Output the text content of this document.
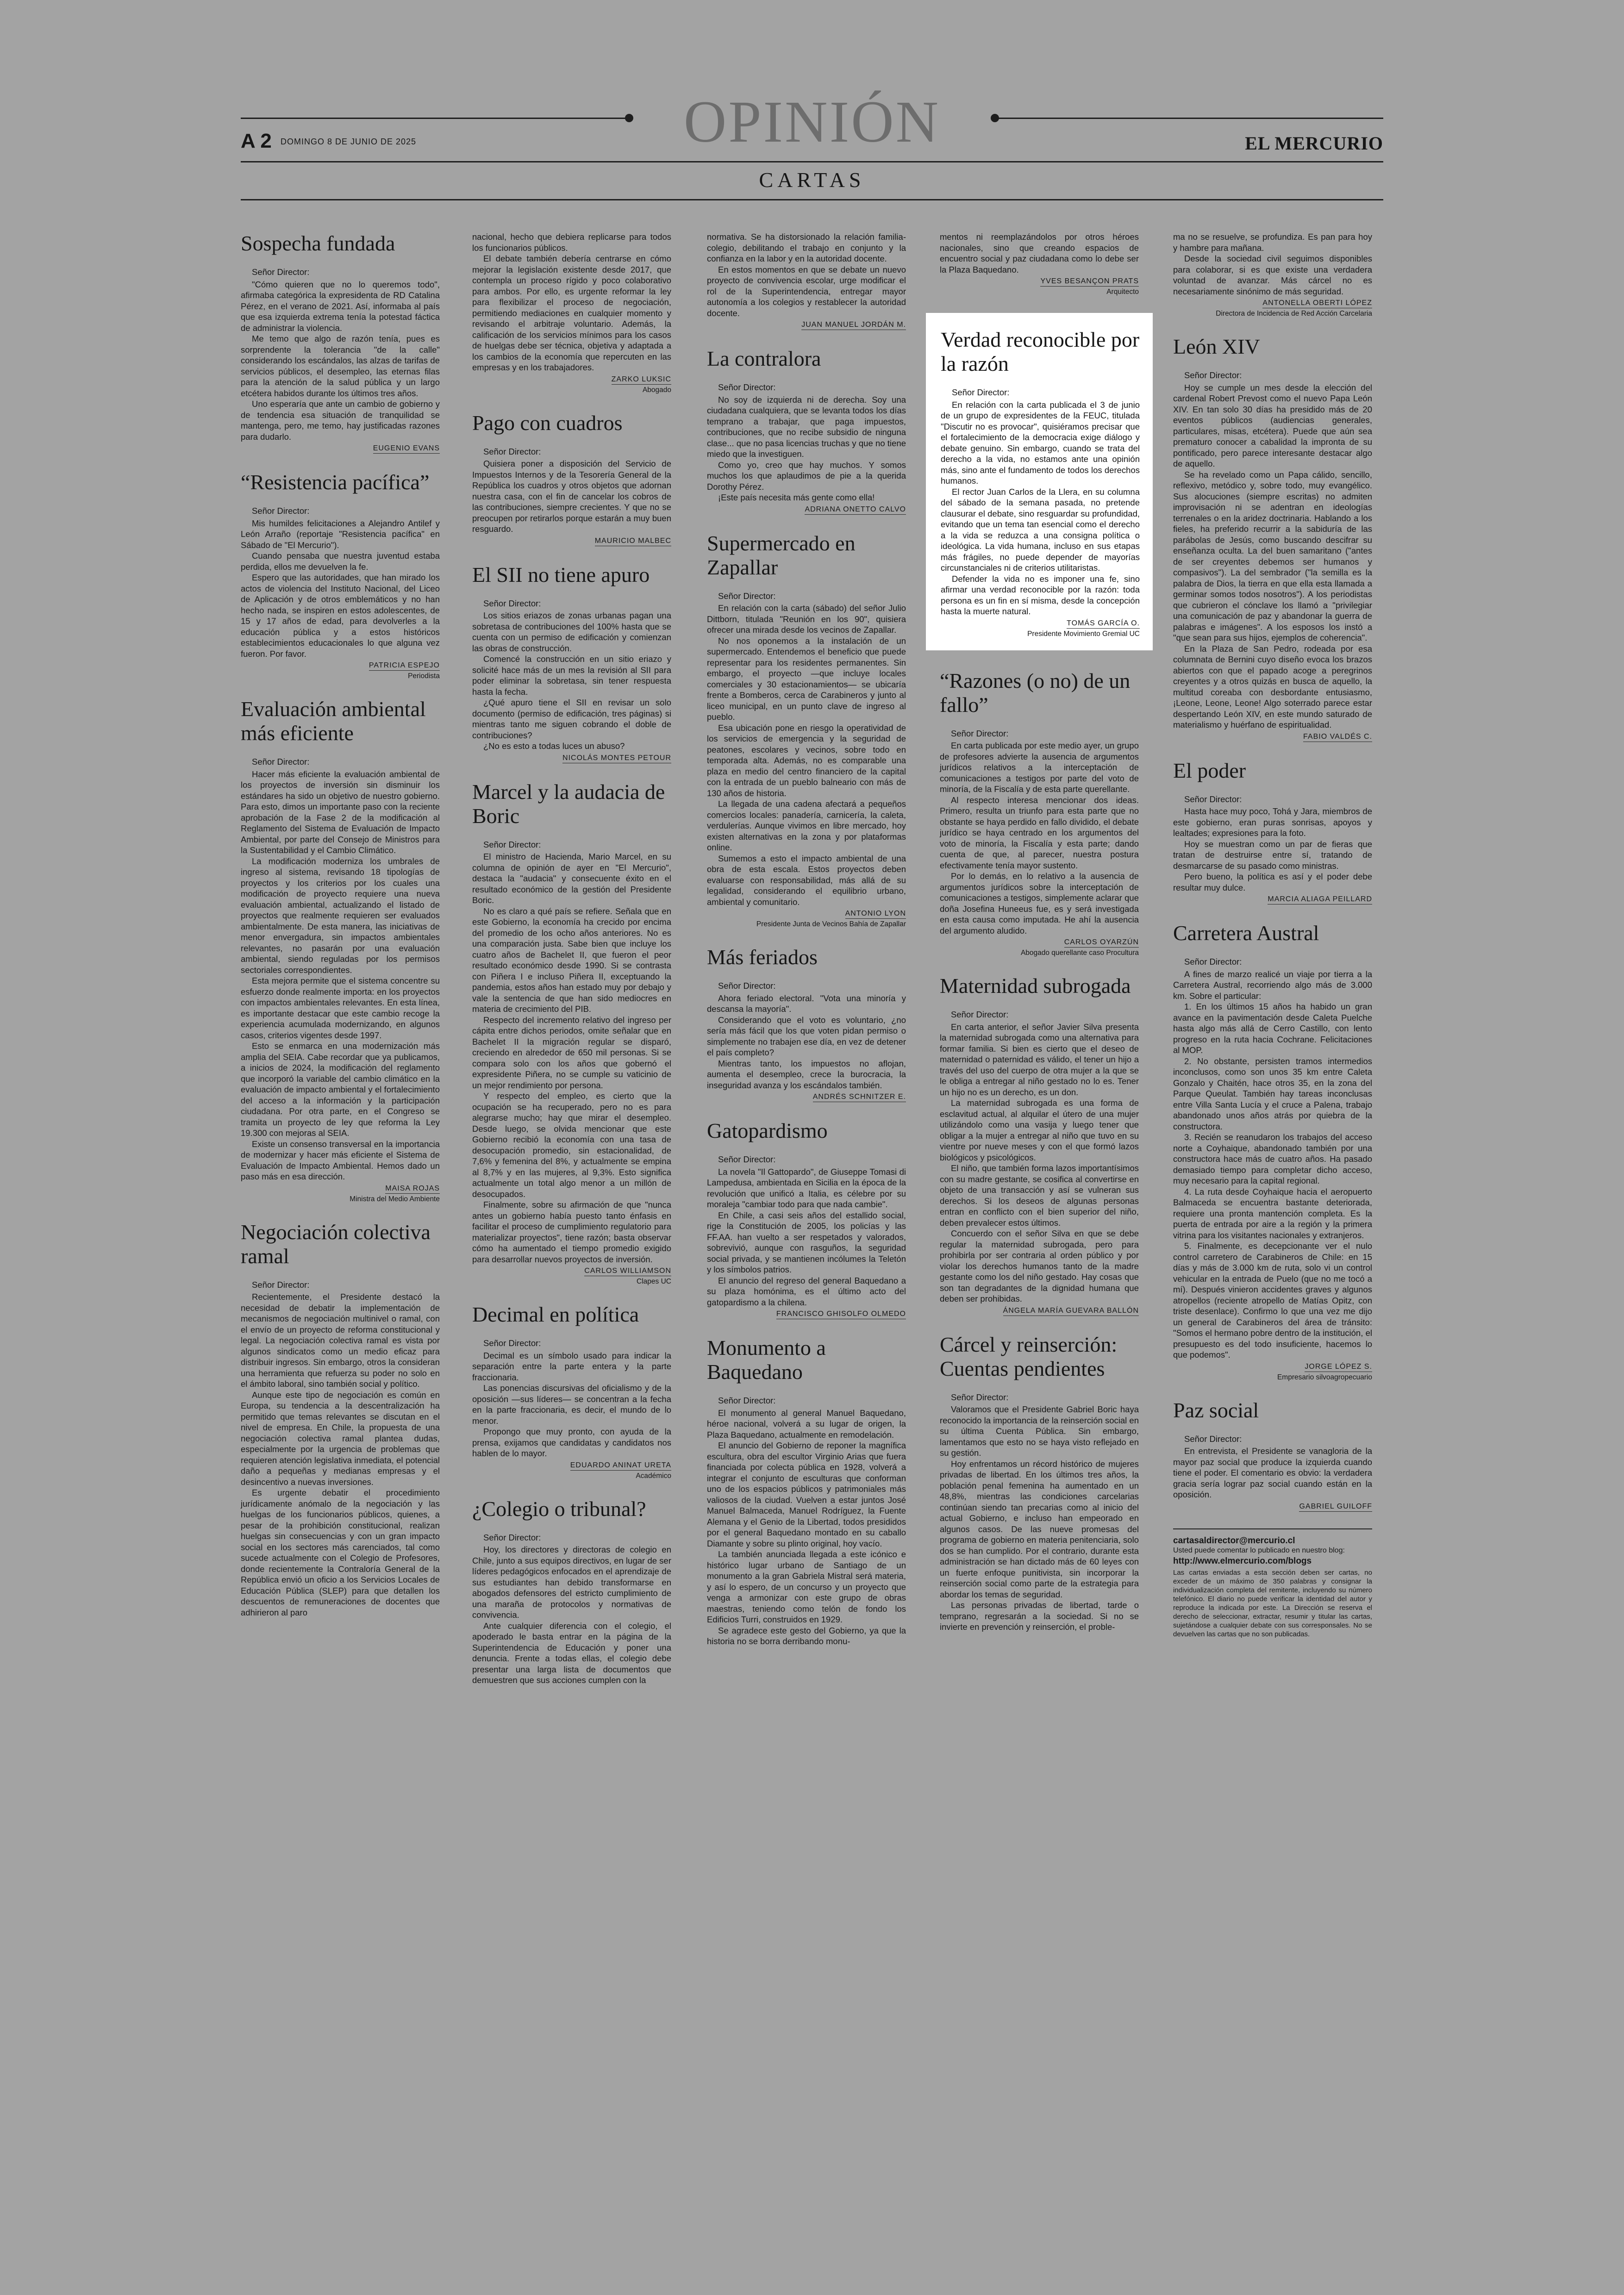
A 2 DOMINGO 8 DE JUNIO DE 2025	OPINIÓN	EL MERCURIO
CARTAS
Sospecha fundada
Señor Director:

"Cómo quieren que no lo queremos todo", afirmaba categórica la expresidenta de RD Catalina Pérez, en el verano de 2021. Así, informaba al país que esa izquierda extrema tenía la potestad fáctica de administrar la violencia.

Me temo que algo de razón tenía, pues es sorprendente la tolerancia "de la calle" considerando los escándalos, las alzas de tarifas de servicios públicos, el desempleo, las eternas filas para la atención de la salud pública y un largo etcétera habidos durante los últimos tres años.

Uno esperaría que ante un cambio de gobierno y de tendencia esa situación de tranquilidad se mantenga, pero, me temo, hay justificadas razones para dudarlo.

EUGENIO EVANS
“Resistencia pacífica”
Señor Director:

Mis humildes felicitaciones a Alejandro Antilef y León Arraño (reportaje "Resistencia pacífica" en Sábado de "El Mercurio").

Cuando pensaba que nuestra juventud estaba perdida, ellos me devuelven la fe.

Espero que las autoridades, que han mirado los actos de violencia del Instituto Nacional, del Liceo de Aplicación y de otros emblemáticos y no han hecho nada, se inspiren en estos adolescentes, de 15 y 17 años de edad, para devolverles a la educación pública y a estos históricos establecimientos educacionales lo que alguna vez fueron. Por favor.

PATRICIA ESPEJO
Periodista
Evaluación ambiental más eficiente
Señor Director:

Hacer más eficiente la evaluación ambiental de los proyectos de inversión sin disminuir los estándares ha sido un objetivo de nuestro gobierno. Para esto, dimos un importante paso con la reciente aprobación de la Fase 2 de la modificación al Reglamento del Sistema de Evaluación de Impacto Ambiental, por parte del Consejo de Ministros para la Sustentabilidad y el Cambio Climático.

La modificación moderniza los umbrales de ingreso al sistema, revisando 18 tipologías de proyectos y los criterios por los cuales una modificación de proyecto requiere una nueva evaluación ambiental, actualizando el listado de proyectos que realmente requieren ser evaluados ambientalmente. De esta manera, las iniciativas de menor envergadura, sin impactos ambientales relevantes, no pasarán por una evaluación ambiental, siendo reguladas por los permisos sectoriales correspondientes.

Esta mejora permite que el sistema concentre su esfuerzo donde realmente importa: en los proyectos con impactos ambientales relevantes. En esta línea, es importante destacar que este cambio recoge la experiencia acumulada modernizando, en algunos casos, criterios vigentes desde 1997.

Esto se enmarca en una modernización más amplia del SEIA. Cabe recordar que ya publicamos, a inicios de 2024, la modificación del reglamento que incorporó la variable del cambio climático en la evaluación de impacto ambiental y el fortalecimiento del acceso a la información y la participación ciudadana. Por otra parte, en el Congreso se tramita un proyecto de ley que reforma la Ley 19.300 con mejoras al SEIA.

Existe un consenso transversal en la importancia de modernizar y hacer más eficiente el Sistema de Evaluación de Impacto Ambiental. Hemos dado un paso más en esa dirección.

MAISA ROJAS
Ministra del Medio Ambiente
Negociación colectiva ramal
Señor Director:

Recientemente, el Presidente destacó la necesidad de debatir la implementación de mecanismos de negociación multinivel o ramal, con el envío de un proyecto de reforma constitucional y legal. La negociación colectiva ramal es vista por algunos sindicatos como un medio eficaz para distribuir ingresos. Sin embargo, otros la consideran una herramienta que refuerza su poder no solo en el ámbito laboral, sino también social y político.

Aunque este tipo de negociación es común en Europa, su tendencia a la descentralización ha permitido que temas relevantes se discutan en el nivel de empresa. En Chile, la propuesta de una negociación colectiva ramal plantea dudas, especialmente por la urgencia de problemas que requieren atención legislativa inmediata, el potencial daño a pequeñas y medianas empresas y el desincentivo a nuevas inversiones.

Es urgente debatir el procedimiento jurídicamente anómalo de la negociación y las huelgas de los funcionarios públicos, quienes, a pesar de la prohibición constitucional, realizan huelgas sin consecuencias y con un gran impacto social en los sectores más carenciados, tal como sucede actualmente con el Colegio de Profesores, donde recientemente la Contraloría General de la República envió un oficio a los Servicios Locales de Educación Pública (SLEP) para que detallen los descuentos de remuneraciones de docentes que adhirieron al paro

nacional, hecho que debiera replicarse para todos los funcionarios públicos.

El debate también debería centrarse en cómo mejorar la legislación existente desde 2017, que contempla un proceso rígido y poco colaborativo para ambos. Por ello, es urgente reformar la ley para flexibilizar el proceso de negociación, permitiendo mediaciones en cualquier momento y revisando el arbitraje voluntario. Además, la calificación de los servicios mínimos para los casos de huelgas debe ser técnica, objetiva y adaptada a los cambios de la economía que repercuten en las empresas y en los trabajadores.

ZARKO LUKSIC
Abogado
Pago con cuadros
Señor Director:

Quisiera poner a disposición del Servicio de Impuestos Internos y de la Tesorería General de la República los cuadros y otros objetos que adornan nuestra casa, con el fin de cancelar los cobros de las contribuciones, siempre crecientes. Y que no se preocupen por retirarlos porque estarán a muy buen resguardo.

MAURICIO MALBEC
El SII no tiene apuro
Señor Director:

Los sitios eriazos de zonas urbanas pagan una sobretasa de contribuciones del 100% hasta que se cuenta con un permiso de edificación y comienzan las obras de construcción.

Comencé la construcción en un sitio eriazo y solicité hace más de un mes la revisión al SII para poder eliminar la sobretasa, sin tener respuesta hasta la fecha.

¿Qué apuro tiene el SII en revisar un solo documento (permiso de edificación, tres páginas) si mientras tanto me siguen cobrando el doble de contribuciones?

¿No es esto a todas luces un abuso?

NICOLÁS MONTES PETOUR
Marcel y la audacia de Boric
Señor Director:

El ministro de Hacienda, Mario Marcel, en su columna de opinión de ayer en "El Mercurio", destaca la "audacia" y consecuente éxito en el resultado económico de la gestión del Presidente Boric.

No es claro a qué país se refiere. Señala que en este Gobierno, la economía ha crecido por encima del promedio de los ocho años anteriores. No es una comparación justa. Sabe bien que incluye los cuatro años de Bachelet II, que fueron el peor resultado económico desde 1990. Si se contrasta con Piñera I e incluso Piñera II, exceptuando la pandemia, estos años han estado muy por debajo y vale la sentencia de que han sido mediocres en materia de crecimiento del PIB.

Respecto del incremento relativo del ingreso per cápita entre dichos periodos, omite señalar que en Bachelet II la migración regular se disparó, creciendo en alrededor de 650 mil personas. Si se compara solo con los años que gobernó el expresidente Piñera, no se cumple su vaticinio de un mejor rendimiento por persona.

Y respecto del empleo, es cierto que la ocupación se ha recuperado, pero no es para alegrarse mucho; hay que mirar el desempleo. Desde luego, se olvida mencionar que este Gobierno recibió la economía con una tasa de desocupación promedio, sin estacionalidad, de 7,6% y femenina del 8%, y actualmente se empina al 8,7% y en las mujeres, al 9,3%. Esto significa actualmente un total algo menor a un millón de desocupados.

Finalmente, sobre su afirmación de que "nunca antes un gobierno había puesto tanto énfasis en facilitar el proceso de cumplimiento regulatorio para materializar proyectos", tiene razón; basta observar cómo ha aumentado el tiempo promedio exigido para desarrollar nuevos proyectos de inversión.

CARLOS WILLIAMSON
Clapes UC
Decimal en política
Señor Director:

Decimal es un símbolo usado para indicar la separación entre la parte entera y la parte fraccionaria.

Las ponencias discursivas del oficialismo y de la oposición —sus líderes— se concentran a la fecha en la parte fraccionaria, es decir, el mundo de lo menor.

Propongo que muy pronto, con ayuda de la prensa, exijamos que candidatas y candidatos nos hablen de lo mayor.

EDUARDO ANINAT URETA
Académico
¿Colegio o tribunal?
Señor Director:

Hoy, los directores y directoras de colegio en Chile, junto a sus equipos directivos, en lugar de ser líderes pedagógicos enfocados en el aprendizaje de sus estudiantes han debido transformarse en abogados defensores del estricto cumplimiento de una maraña de protocolos y normativas de convivencia.

Ante cualquier diferencia con el colegio, el apoderado le basta entrar en la página de la Superintendencia de Educación y poner una denuncia. Frente a todas ellas, el colegio debe presentar una larga lista de documentos que demuestren que sus acciones cumplen con la

normativa. Se ha distorsionado la relación familia-colegio, debilitando el trabajo en conjunto y la confianza en la labor y en la autoridad docente.

En estos momentos en que se debate un nuevo proyecto de convivencia escolar, urge modificar el rol de la Superintendencia, entregar mayor autonomía a los colegios y restablecer la autoridad docente.

JUAN MANUEL JORDÁN M.
La contralora
Señor Director:

No soy de izquierda ni de derecha. Soy una ciudadana cualquiera, que se levanta todos los días temprano a trabajar, que paga impuestos, contribuciones, que no recibe subsidio de ninguna clase... que no pasa licencias truchas y que no tiene miedo que la investiguen.

Como yo, creo que hay muchos. Y somos muchos los que aplaudimos de pie a la querida Dorothy Pérez.

¡Este país necesita más gente como ella!

ADRIANA ONETTO CALVO
Supermercado en Zapallar
Señor Director:

En relación con la carta (sábado) del señor Julio Dittborn, titulada "Reunión en los 90", quisiera ofrecer una mirada desde los vecinos de Zapallar.

No nos oponemos a la instalación de un supermercado. Entendemos el beneficio que puede representar para los residentes permanentes. Sin embargo, el proyecto —que incluye locales comerciales y 30 estacionamientos— se ubicaría frente a Bomberos, cerca de Carabineros y junto al liceo municipal, en un punto clave de ingreso al pueblo.

Esa ubicación pone en riesgo la operatividad de los servicios de emergencia y la seguridad de peatones, escolares y vecinos, sobre todo en temporada alta. Además, no es comparable una plaza en medio del centro financiero de la capital con la entrada de un pueblo balneario con más de 130 años de historia.

La llegada de una cadena afectará a pequeños comercios locales: panadería, carnicería, la caleta, verdulerías. Aunque vivimos en libre mercado, hoy existen alternativas en la zona y por plataformas online.

Sumemos a esto el impacto ambiental de una obra de esta escala. Estos proyectos deben evaluarse con responsabilidad, más allá de su legalidad, considerando el equilibrio urbano, ambiental y comunitario.

ANTONIO LYON
Presidente Junta de Vecinos Bahía de Zapallar
Más feriados
Señor Director:

Ahora feriado electoral. "Vota una minoría y descansa la mayoría".

Considerando que el voto es voluntario, ¿no sería más fácil que los que voten pidan permiso o simplemente no trabajen ese día, en vez de detener el país completo?

Mientras tanto, los impuestos no aflojan, aumenta el desempleo, crece la burocracia, la inseguridad avanza y los escándalos también.

ANDRÉS SCHNITZER E.
Gatopardismo
Señor Director:

La novela "Il Gattopardo", de Giuseppe Tomasi di Lampedusa, ambientada en Sicilia en la época de la revolución que unificó a Italia, es célebre por su moraleja "cambiar todo para que nada cambie".

En Chile, a casi seis años del estallido social, rige la Constitución de 2005, los policías y las FF.AA. han vuelto a ser respetados y valorados, sobrevivió, aunque con rasguños, la seguridad social privada, y se mantienen incólumes la Teletón y los símbolos patrios.

El anuncio del regreso del general Baquedano a su plaza homónima, es el último acto del gatopardismo a la chilena.

FRANCISCO GHISOLFO OLMEDO
Monumento a Baquedano
Señor Director:

El monumento al general Manuel Baquedano, héroe nacional, volverá a su lugar de origen, la Plaza Baquedano, actualmente en remodelación.

El anuncio del Gobierno de reponer la magnífica escultura, obra del escultor Virginio Arias que fuera financiada por colecta pública en 1928, volverá a integrar el conjunto de esculturas que conforman uno de los espacios públicos y patrimoniales más valiosos de la ciudad. Vuelven a estar juntos José Manuel Balmaceda, Manuel Rodríguez, la Fuente Alemana y el Genio de la Libertad, todos presididos por el general Baquedano montado en su caballo Diamante y sobre su plinto original, hoy vacío.

La también anunciada llegada a este icónico e histórico lugar urbano de Santiago de un monumento a la gran Gabriela Mistral será materia, y así lo espero, de un concurso y un proyecto que venga a armonizar con este grupo de obras maestras, teniendo como telón de fondo los Edificios Turri, construidos en 1929.

Se agradece este gesto del Gobierno, ya que la historia no se borra derribando monu-

mentos ni reemplazándolos por otros héroes nacionales, sino que creando espacios de encuentro social y paz ciudadana como lo debe ser la Plaza Baquedano.

YVES BESANÇON PRATS
Arquitecto
Verdad reconocible por la razón
Señor Director:

En relación con la carta publicada el 3 de junio de un grupo de expresidentes de la FEUC, titulada "Discutir no es provocar", quisiéramos precisar que el fortalecimiento de la democracia exige diálogo y debate genuino. Sin embargo, cuando se trata del derecho a la vida, no estamos ante una opinión más, sino ante el fundamento de todos los derechos humanos.

El rector Juan Carlos de la Llera, en su columna del sábado de la semana pasada, no pretende clausurar el debate, sino resguardar su profundidad, evitando que un tema tan esencial como el derecho a la vida se reduzca a una consigna política o ideológica. La vida humana, incluso en sus etapas más frágiles, no puede depender de mayorías circunstanciales ni de criterios utilitaristas.

Defender la vida no es imponer una fe, sino afirmar una verdad reconocible por la razón: toda persona es un fin en sí misma, desde la concepción hasta la muerte natural.

TOMÁS GARCÍA O.
Presidente Movimiento Gremial UC
“Razones (o no) de un fallo”
Señor Director:

En carta publicada por este medio ayer, un grupo de profesores advierte la ausencia de argumentos jurídicos relativos a la interceptación de comunicaciones a testigos por parte del voto de minoría, de la Fiscalía y de esta parte querellante.

Al respecto interesa mencionar dos ideas. Primero, resulta un triunfo para esta parte que no obstante se haya perdido en fallo dividido, el debate jurídico se haya centrado en los argumentos del voto de minoría, la Fiscalía y esta parte; dando cuenta de que, al parecer, nuestra postura efectivamente tenía mayor sustento.

Por lo demás, en lo relativo a la ausencia de argumentos jurídicos sobre la interceptación de comunicaciones a testigos, simplemente aclarar que doña Josefina Huneeus fue, es y será investigada en esta causa como imputada. He ahí la ausencia del argumento aludido.

CARLOS OYARZÚN
Abogado querellante caso Procultura
Maternidad subrogada
Señor Director:

En carta anterior, el señor Javier Silva presenta la maternidad subrogada como una alternativa para formar familia. Si bien es cierto que el deseo de maternidad o paternidad es válido, el tener un hijo a través del uso del cuerpo de otra mujer a la que se le obliga a entregar al niño gestado no lo es. Tener un hijo no es un derecho, es un don.

La maternidad subrogada es una forma de esclavitud actual, al alquilar el útero de una mujer utilizándolo como una vasija y luego tener que obligar a la mujer a entregar al niño que tuvo en su vientre por nueve meses y con el que formó lazos biológicos y psicológicos.

El niño, que también forma lazos importantísimos con su madre gestante, se cosifica al convertirse en objeto de una transacción y así se vulneran sus derechos. Si los deseos de algunas personas entran en conflicto con el bien superior del niño, deben prevalecer estos últimos.

Concuerdo con el señor Silva en que se debe regular la maternidad subrogada, pero para prohibirla por ser contraria al orden público y por violar los derechos humanos tanto de la madre gestante como los del niño gestado. Hay cosas que son tan degradantes de la dignidad humana que deben ser prohibidas.

ÁNGELA MARÍA GUEVARA BALLÓN
Cárcel y reinserción: Cuentas pendientes
Señor Director:

Valoramos que el Presidente Gabriel Boric haya reconocido la importancia de la reinserción social en su última Cuenta Pública. Sin embargo, lamentamos que esto no se haya visto reflejado en su gestión.

Hoy enfrentamos un récord histórico de mujeres privadas de libertad. En los últimos tres años, la población penal femenina ha aumentado en un 48,8%, mientras las condiciones carcelarias continúan siendo tan precarias como al inicio del actual Gobierno, e incluso han empeorado en algunos casos. De las nueve promesas del programa de gobierno en materia penitenciaria, solo dos se han cumplido. Por el contrario, durante esta administración se han dictado más de 60 leyes con un fuerte enfoque punitivista, sin incorporar la reinserción social como parte de la estrategia para abordar los temas de seguridad.

Las personas privadas de libertad, tarde o temprano, regresarán a la sociedad. Si no se invierte en prevención y reinserción, el proble-

ma no se resuelve, se profundiza. Es pan para hoy y hambre para mañana.

Desde la sociedad civil seguimos disponibles para colaborar, si es que existe una verdadera voluntad de avanzar. Más cárcel no es necesariamente sinónimo de más seguridad.

ANTONELLA OBERTI LÓPEZ
Directora de Incidencia de Red Acción Carcelaria
León XIV
Señor Director:

Hoy se cumple un mes desde la elección del cardenal Robert Prevost como el nuevo Papa León XIV. En tan solo 30 días ha presidido más de 20 eventos públicos (audiencias generales, particulares, misas, etcétera). Puede que aún sea prematuro conocer a cabalidad la impronta de su pontificado, pero parece interesante destacar algo de aquello.

Se ha revelado como un Papa cálido, sencillo, reflexivo, metódico y, sobre todo, muy evangélico. Sus alocuciones (siempre escritas) no admiten improvisación ni se adentran en ideologías terrenales o en la aridez doctrinaria. Hablando a los fieles, ha preferido recurrir a la sabiduría de las parábolas de Jesús, como buscando descifrar su enseñanza oculta. La del buen samaritano ("antes de ser creyentes debemos ser humanos y compasivos"). La del sembrador ("la semilla es la palabra de Dios, la tierra en que ella esta llamada a germinar somos todos nosotros"). A los periodistas que cubrieron el cónclave los llamó a "privilegiar una comunicación de paz y abandonar la guerra de palabras e imágenes". A los esposos los instó a "que sean para sus hijos, ejemplos de coherencia".

En la Plaza de San Pedro, rodeada por esa columnata de Bernini cuyo diseño evoca los brazos abiertos con que el papado acoge a peregrinos creyentes y a otros quizás en busca de aquello, la multitud coreaba con desbordante entusiasmo, ¡Leone, Leone, Leone! Algo soterrado parece estar despertando León XIV, en este mundo saturado de materialismo y huérfano de espiritualidad.

FABIO VALDÉS C.
El poder
Señor Director:

Hasta hace muy poco, Tohá y Jara, miembros de este gobierno, eran puras sonrisas, apoyos y lealtades; expresiones para la foto.

Hoy se muestran como un par de fieras que tratan de destruirse entre sí, tratando de desmarcarse de su pasado como ministras.

Pero bueno, la política es así y el poder debe resultar muy dulce.

MARCIA ALIAGA PEILLARD
Carretera Austral
Señor Director:

A fines de marzo realicé un viaje por tierra a la Carretera Austral, recorriendo algo más de 3.000 km. Sobre el particular:

1. En los últimos 15 años ha habido un gran avance en la pavimentación desde Caleta Puelche hasta algo más allá de Cerro Castillo, con lento progreso en la ruta hacia Cochrane. Felicitaciones al MOP.

2. No obstante, persisten tramos intermedios inconclusos, como son unos 35 km entre Caleta Gonzalo y Chaitén, hace otros 35, en la zona del Parque Queulat. También hay tareas inconclusas entre Villa Santa Lucía y el cruce a Palena, trabajo abandonado unos años atrás por quiebra de la constructora.

3. Recién se reanudaron los trabajos del acceso norte a Coyhaique, abandonado también por una constructora hace más de cuatro años. Ha pasado demasiado tiempo para completar dicho acceso, muy necesario para la capital regional.

4. La ruta desde Coyhaique hacia el aeropuerto Balmaceda se encuentra bastante deteriorada, requiere una pronta mantención completa. Es la puerta de entrada por aire a la región y la primera vitrina para los visitantes nacionales y extranjeros.

5. Finalmente, es decepcionante ver el nulo control carretero de Carabineros de Chile: en 15 días y más de 3.000 km de ruta, solo vi un control vehicular en la entrada de Puelo (que no me tocó a mí). Después vinieron accidentes graves y algunos atropellos (reciente atropello de Matías Opitz, con triste desenlace). Confirmo lo que una vez me dijo un general de Carabineros del área de tránsito: "Somos el hermano pobre dentro de la institución, el presupuesto es del todo insuficiente, hacemos lo que podemos".

JORGE LÓPEZ S.
Empresario silvoagropecuario
Paz social
Señor Director:

En entrevista, el Presidente se vanagloria de la mayor paz social que produce la izquierda cuando tiene el poder. El comentario es obvio: la verdadera gracia sería lograr paz social cuando están en la oposición.

GABRIEL GUILOFF
cartasaldirector@mercurio.cl
Usted puede comentar lo publicado en nuestro blog:
http://www.elmercurio.com/blogs
Las cartas enviadas a esta sección deben ser cartas, no exceder de un máximo de 350 palabras y consignar la individualización completa del remitente, incluyendo su número telefónico. El diario no puede verificar la identidad del autor y reproduce la indicada por este. La Dirección se reserva el derecho de seleccionar, extractar, resumir y titular las cartas, sujetándose a cualquier debate con sus corresponsales. No se devuelven las cartas que no son publicadas.
